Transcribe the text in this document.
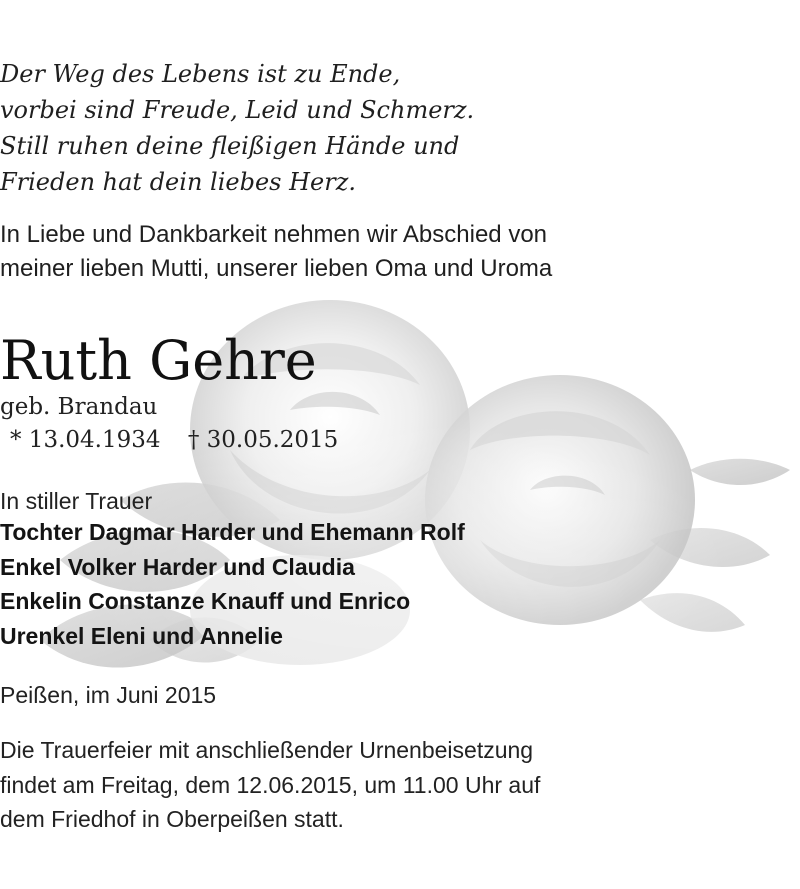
Der Weg des Lebens ist zu Ende,
vorbei sind Freude, Leid und Schmerz.
Still ruhen deine fleißigen Hände und
Frieden hat dein liebes Herz.
In Liebe und Dankbarkeit nehmen wir Abschied von
meiner lieben Mutti, unserer lieben Oma und Uroma
Ruth Gehre
geb. Brandau
* 13.04.1934 † 30.05.2015
In stiller Trauer
Tochter Dagmar Harder und Ehemann Rolf
Enkel Volker Harder und Claudia
Enkelin Constanze Knauff und Enrico
Urenkel Eleni und Annelie
Peißen, im Juni 2015
Die Trauerfeier mit anschließender Urnenbeisetzung
findet am Freitag, dem 12.06.2015, um 11.00 Uhr auf
dem Friedhof in Oberpeißen statt.
